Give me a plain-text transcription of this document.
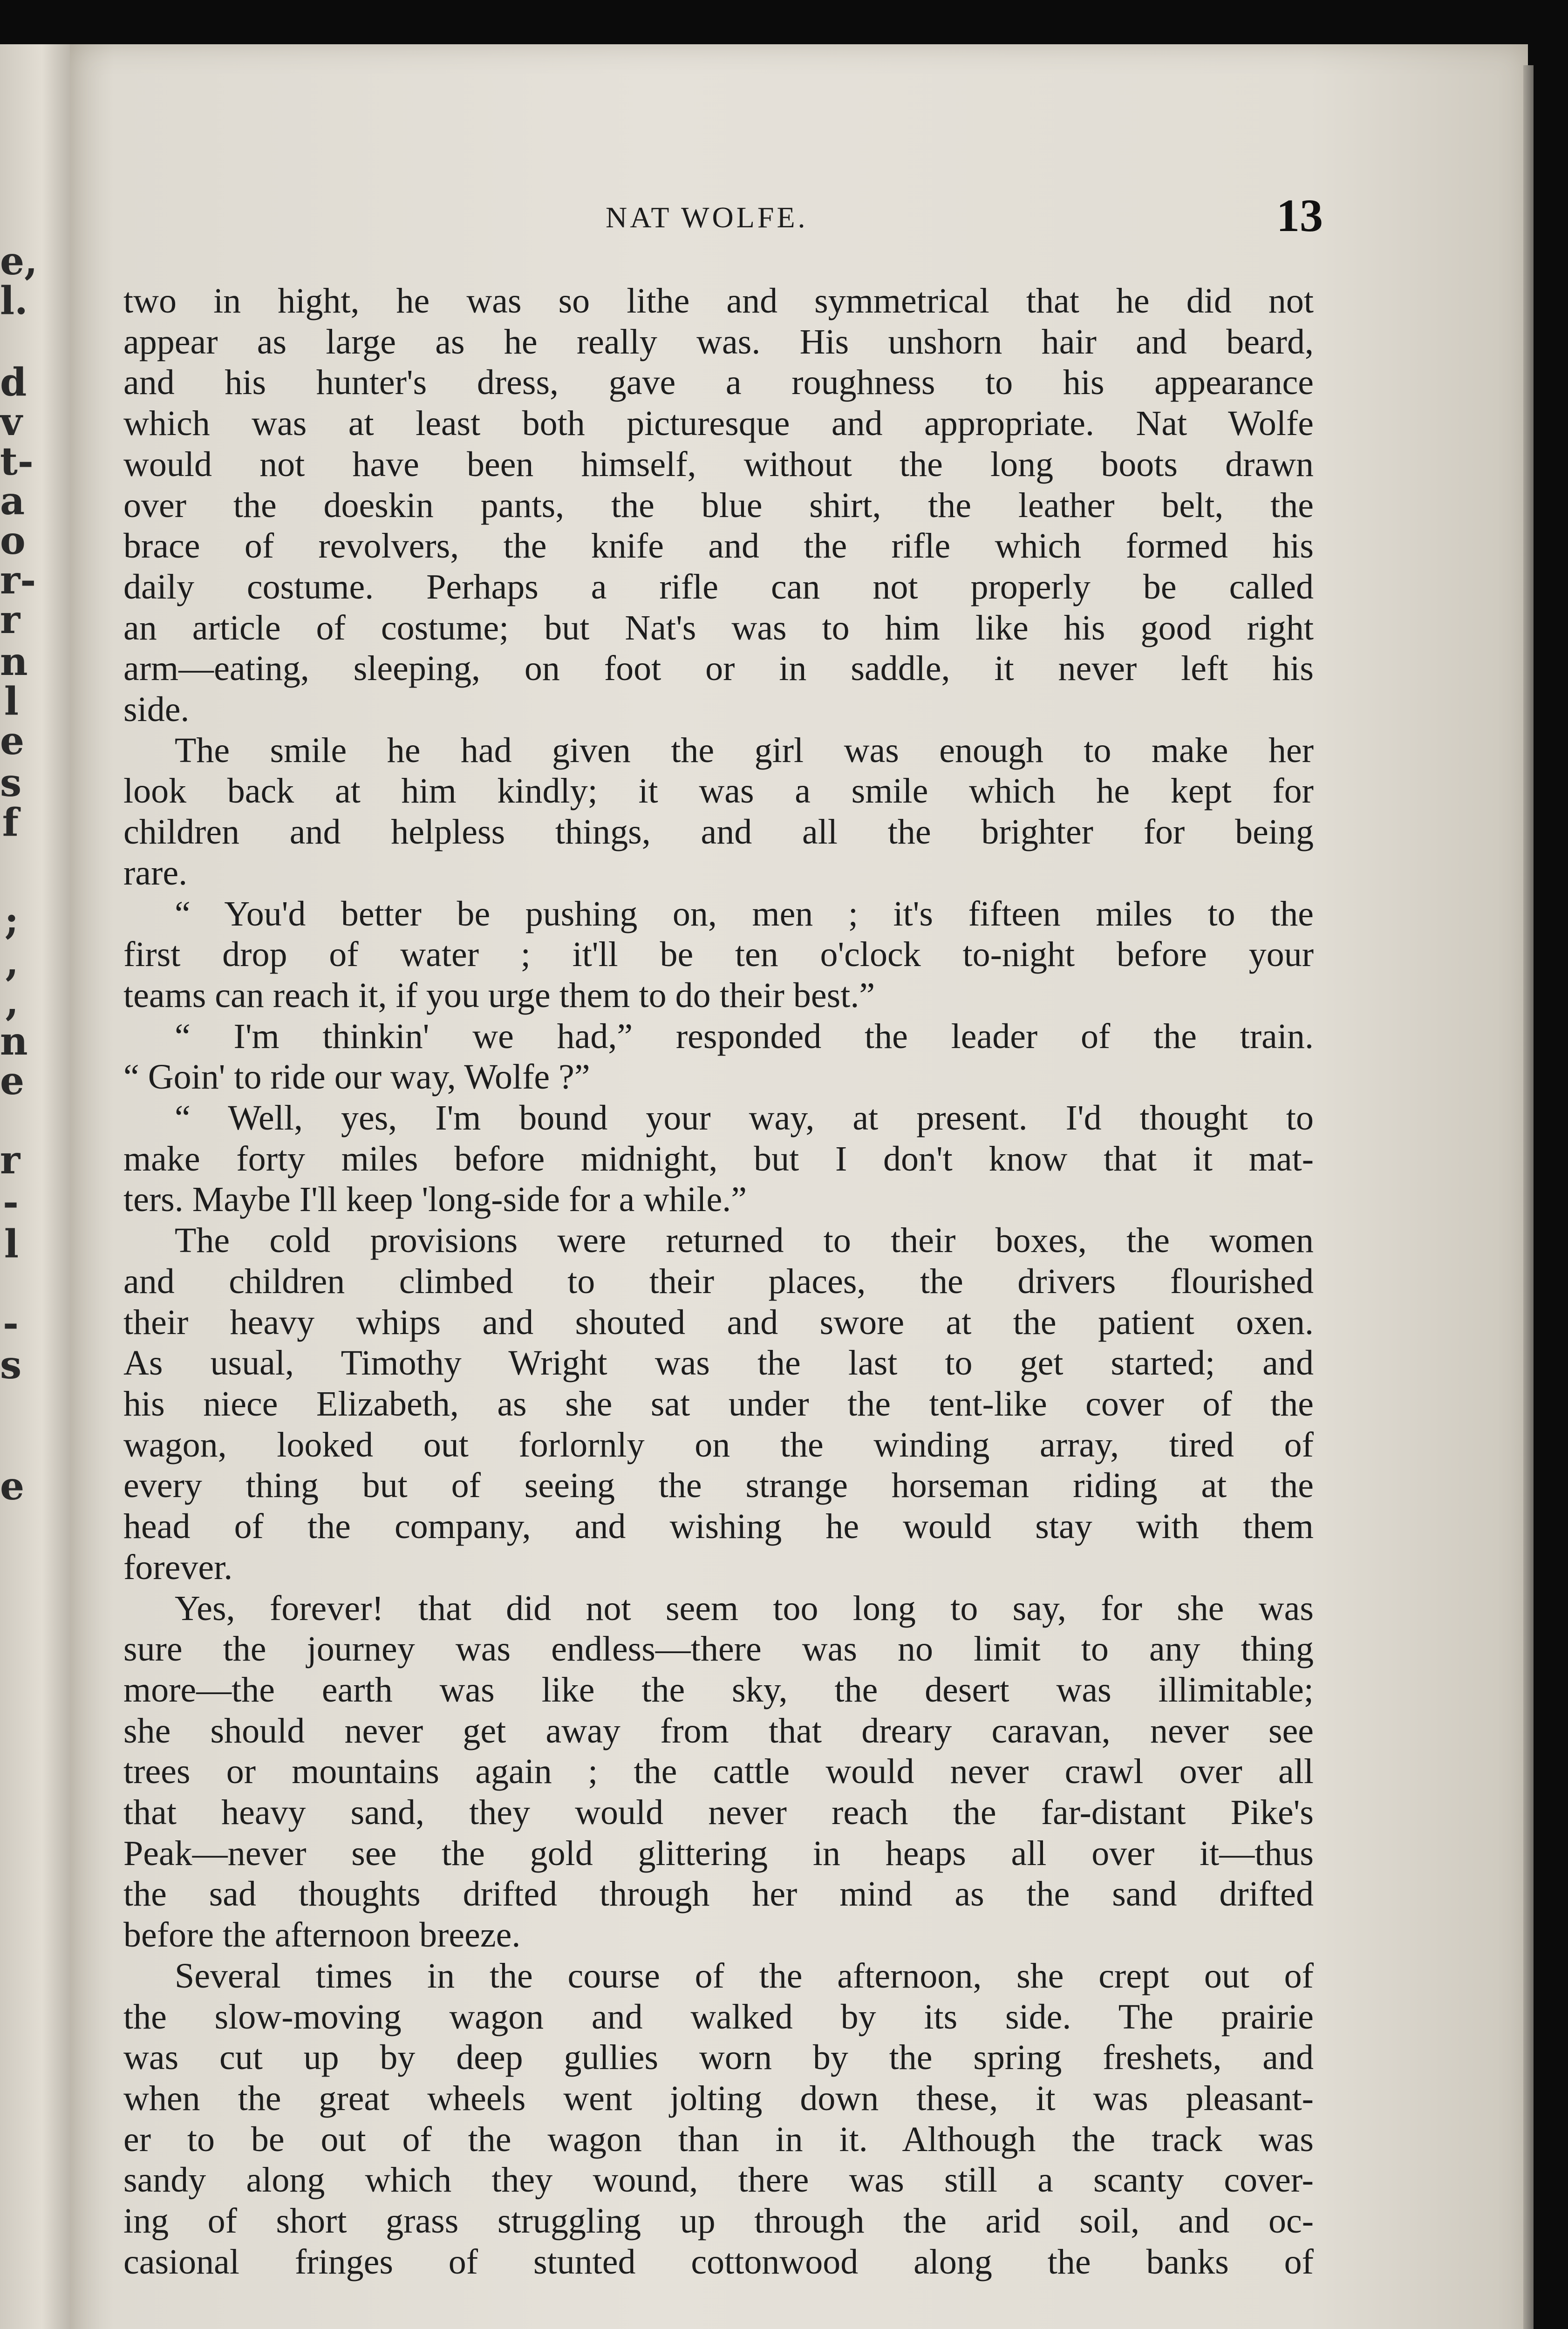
e,
l.
d
v
t-
a
o
r-
r
n
l
e
s
f
;
,
,
n
e
r
-
l
-
s
e
NAT WOLFE.	13

two in hight, he was so lithe and symmetrical that he did not

appear as large as he really was. His unshorn hair and beard,

and his hunter's dress, gave a roughness to his appearance

which was at least both picturesque and appropriate. Nat Wolfe

would not have been himself, without the long boots drawn

over the doeskin pants, the blue shirt, the leather belt, the

brace of revolvers, the knife and the rifle which formed his

daily costume. Perhaps a rifle can not properly be called

an article of costume; but Nat's was to him like his good right

arm—eating, sleeping, on foot or in saddle, it never left his

side.

The smile he had given the girl was enough to make her

look back at him kindly; it was a smile which he kept for

children and helpless things, and all the brighter for being

rare.

“ You'd better be pushing on, men ; it's fifteen miles to the

first drop of water ; it'll be ten o'clock to-night before your

teams can reach it, if you urge them to do their best.”

“ I'm thinkin' we had,” responded the leader of the train.

“ Goin' to ride our way, Wolfe ?”

“ Well, yes, I'm bound your way, at present. I'd thought to

make forty miles before midnight, but I don't know that it mat-

ters. Maybe I'll keep 'long-side for a while.”

The cold provisions were returned to their boxes, the women

and children climbed to their places, the drivers flourished

their heavy whips and shouted and swore at the patient oxen.

As usual, Timothy Wright was the last to get started; and

his niece Elizabeth, as she sat under the tent-like cover of the

wagon, looked out forlornly on the winding array, tired of

every thing but of seeing the strange horseman riding at the

head of the company, and wishing he would stay with them

forever.

Yes, forever! that did not seem too long to say, for she was

sure the journey was endless—there was no limit to any thing

more—the earth was like the sky, the desert was illimitable;

she should never get away from that dreary caravan, never see

trees or mountains again ; the cattle would never crawl over all

that heavy sand, they would never reach the far-distant Pike's

Peak—never see the gold glittering in heaps all over it—thus

the sad thoughts drifted through her mind as the sand drifted

before the afternoon breeze.

Several times in the course of the afternoon, she crept out of

the slow-moving wagon and walked by its side. The prairie

was cut up by deep gullies worn by the spring freshets, and

when the great wheels went jolting down these, it was pleasant-

er to be out of the wagon than in it. Although the track was

sandy along which they wound, there was still a scanty cover-

ing of short grass struggling up through the arid soil, and oc-

casional fringes of stunted cottonwood along the banks of
